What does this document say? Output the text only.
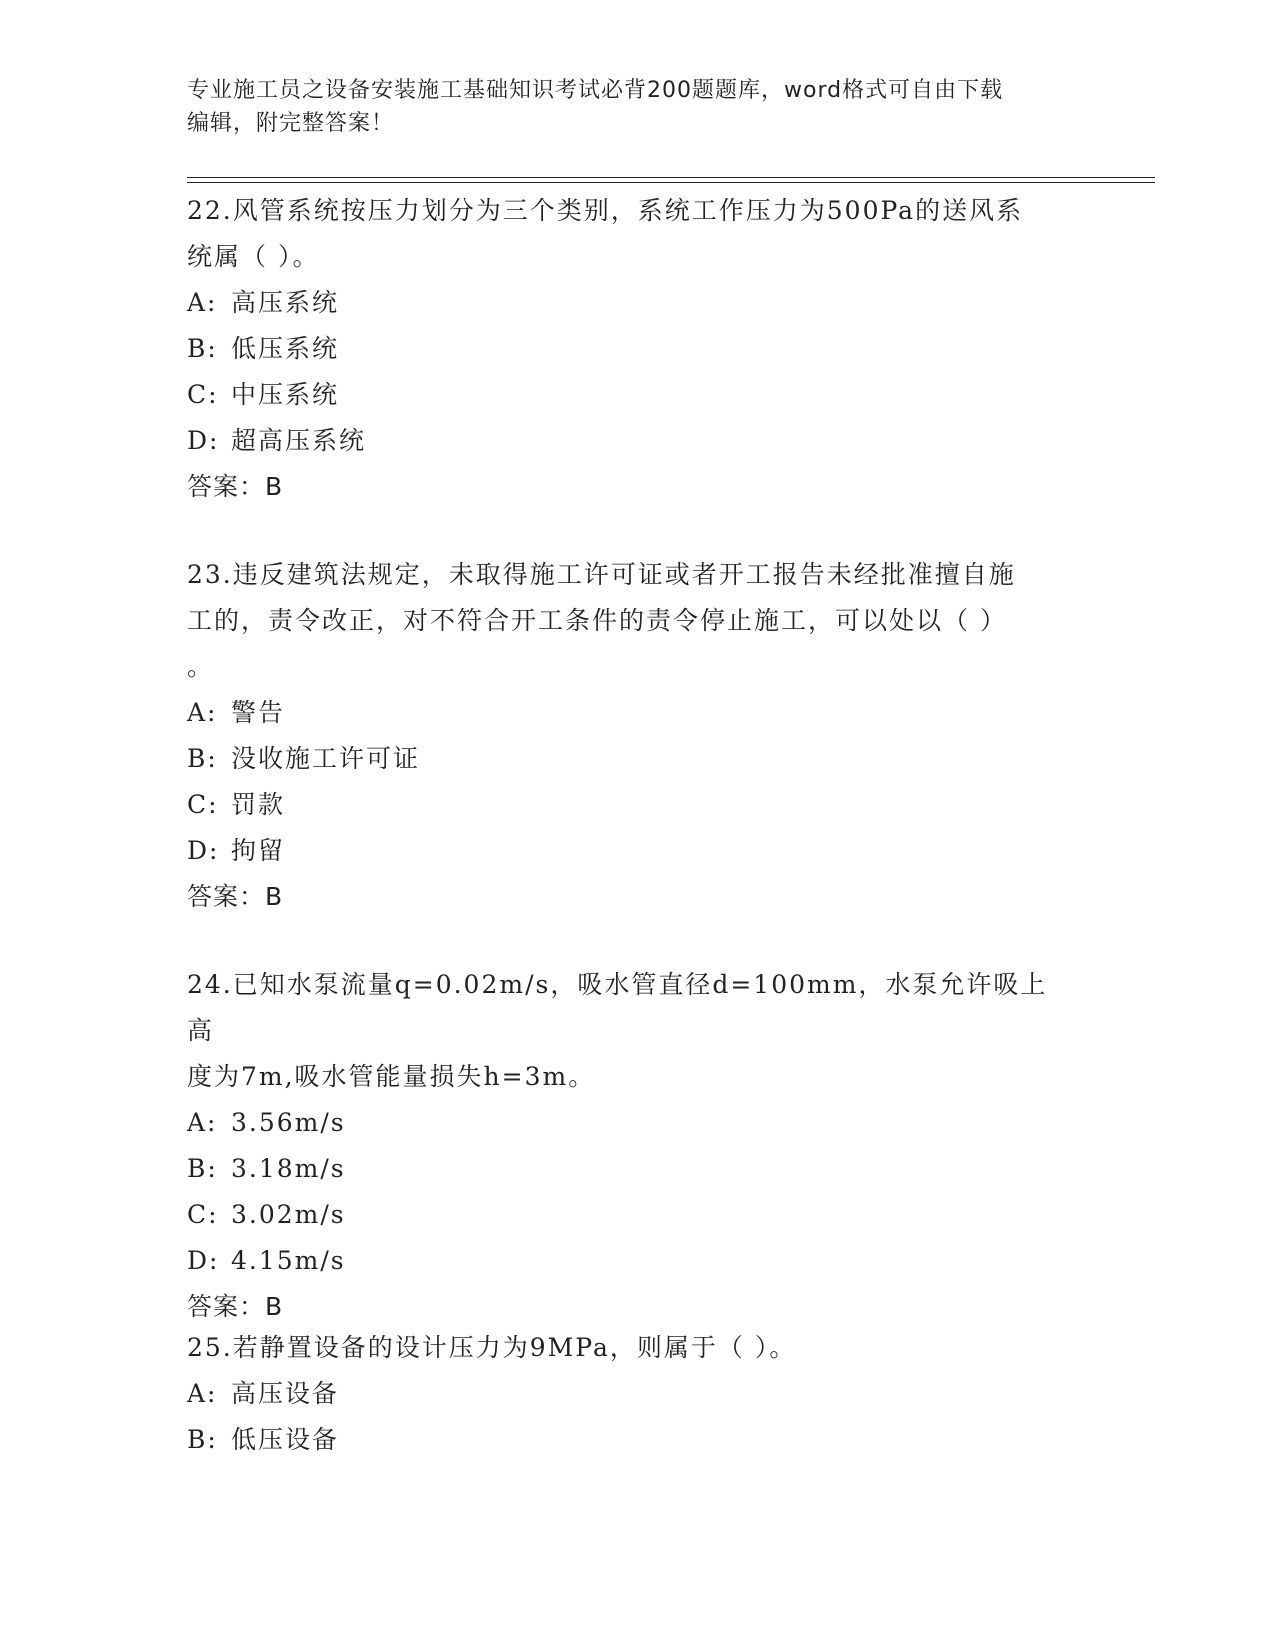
专业施工员之设备安装施工基础知识考试必背200题题库，word格式可自由下载
编辑，附完整答案！

22.风管系统按压力划分为三个类别，系统工作压力为500Pa的送风系

统属（ ）。

A: 高压系统

B: 低压系统

C: 中压系统

D: 超高压系统

答案：B

23.违反建筑法规定，未取得施工许可证或者开工报告未经批准擅自施

工的，责令改正，对不符合开工条件的责令停止施工，可以处以（ ）

。

A: 警告

B: 没收施工许可证

C: 罚款

D: 拘留

答案：B

24.已知水泵流量q=0.02m/s，吸水管直径d=100mm，水泵允许吸上高

度为7m,吸水管能量损失h=3m。

A: 3.56m/s

B: 3.18m/s

C: 3.02m/s

D: 4.15m/s

答案：B

25.若静置设备的设计压力为9MPa，则属于（ ）。

A: 高压设备

B: 低压设备
